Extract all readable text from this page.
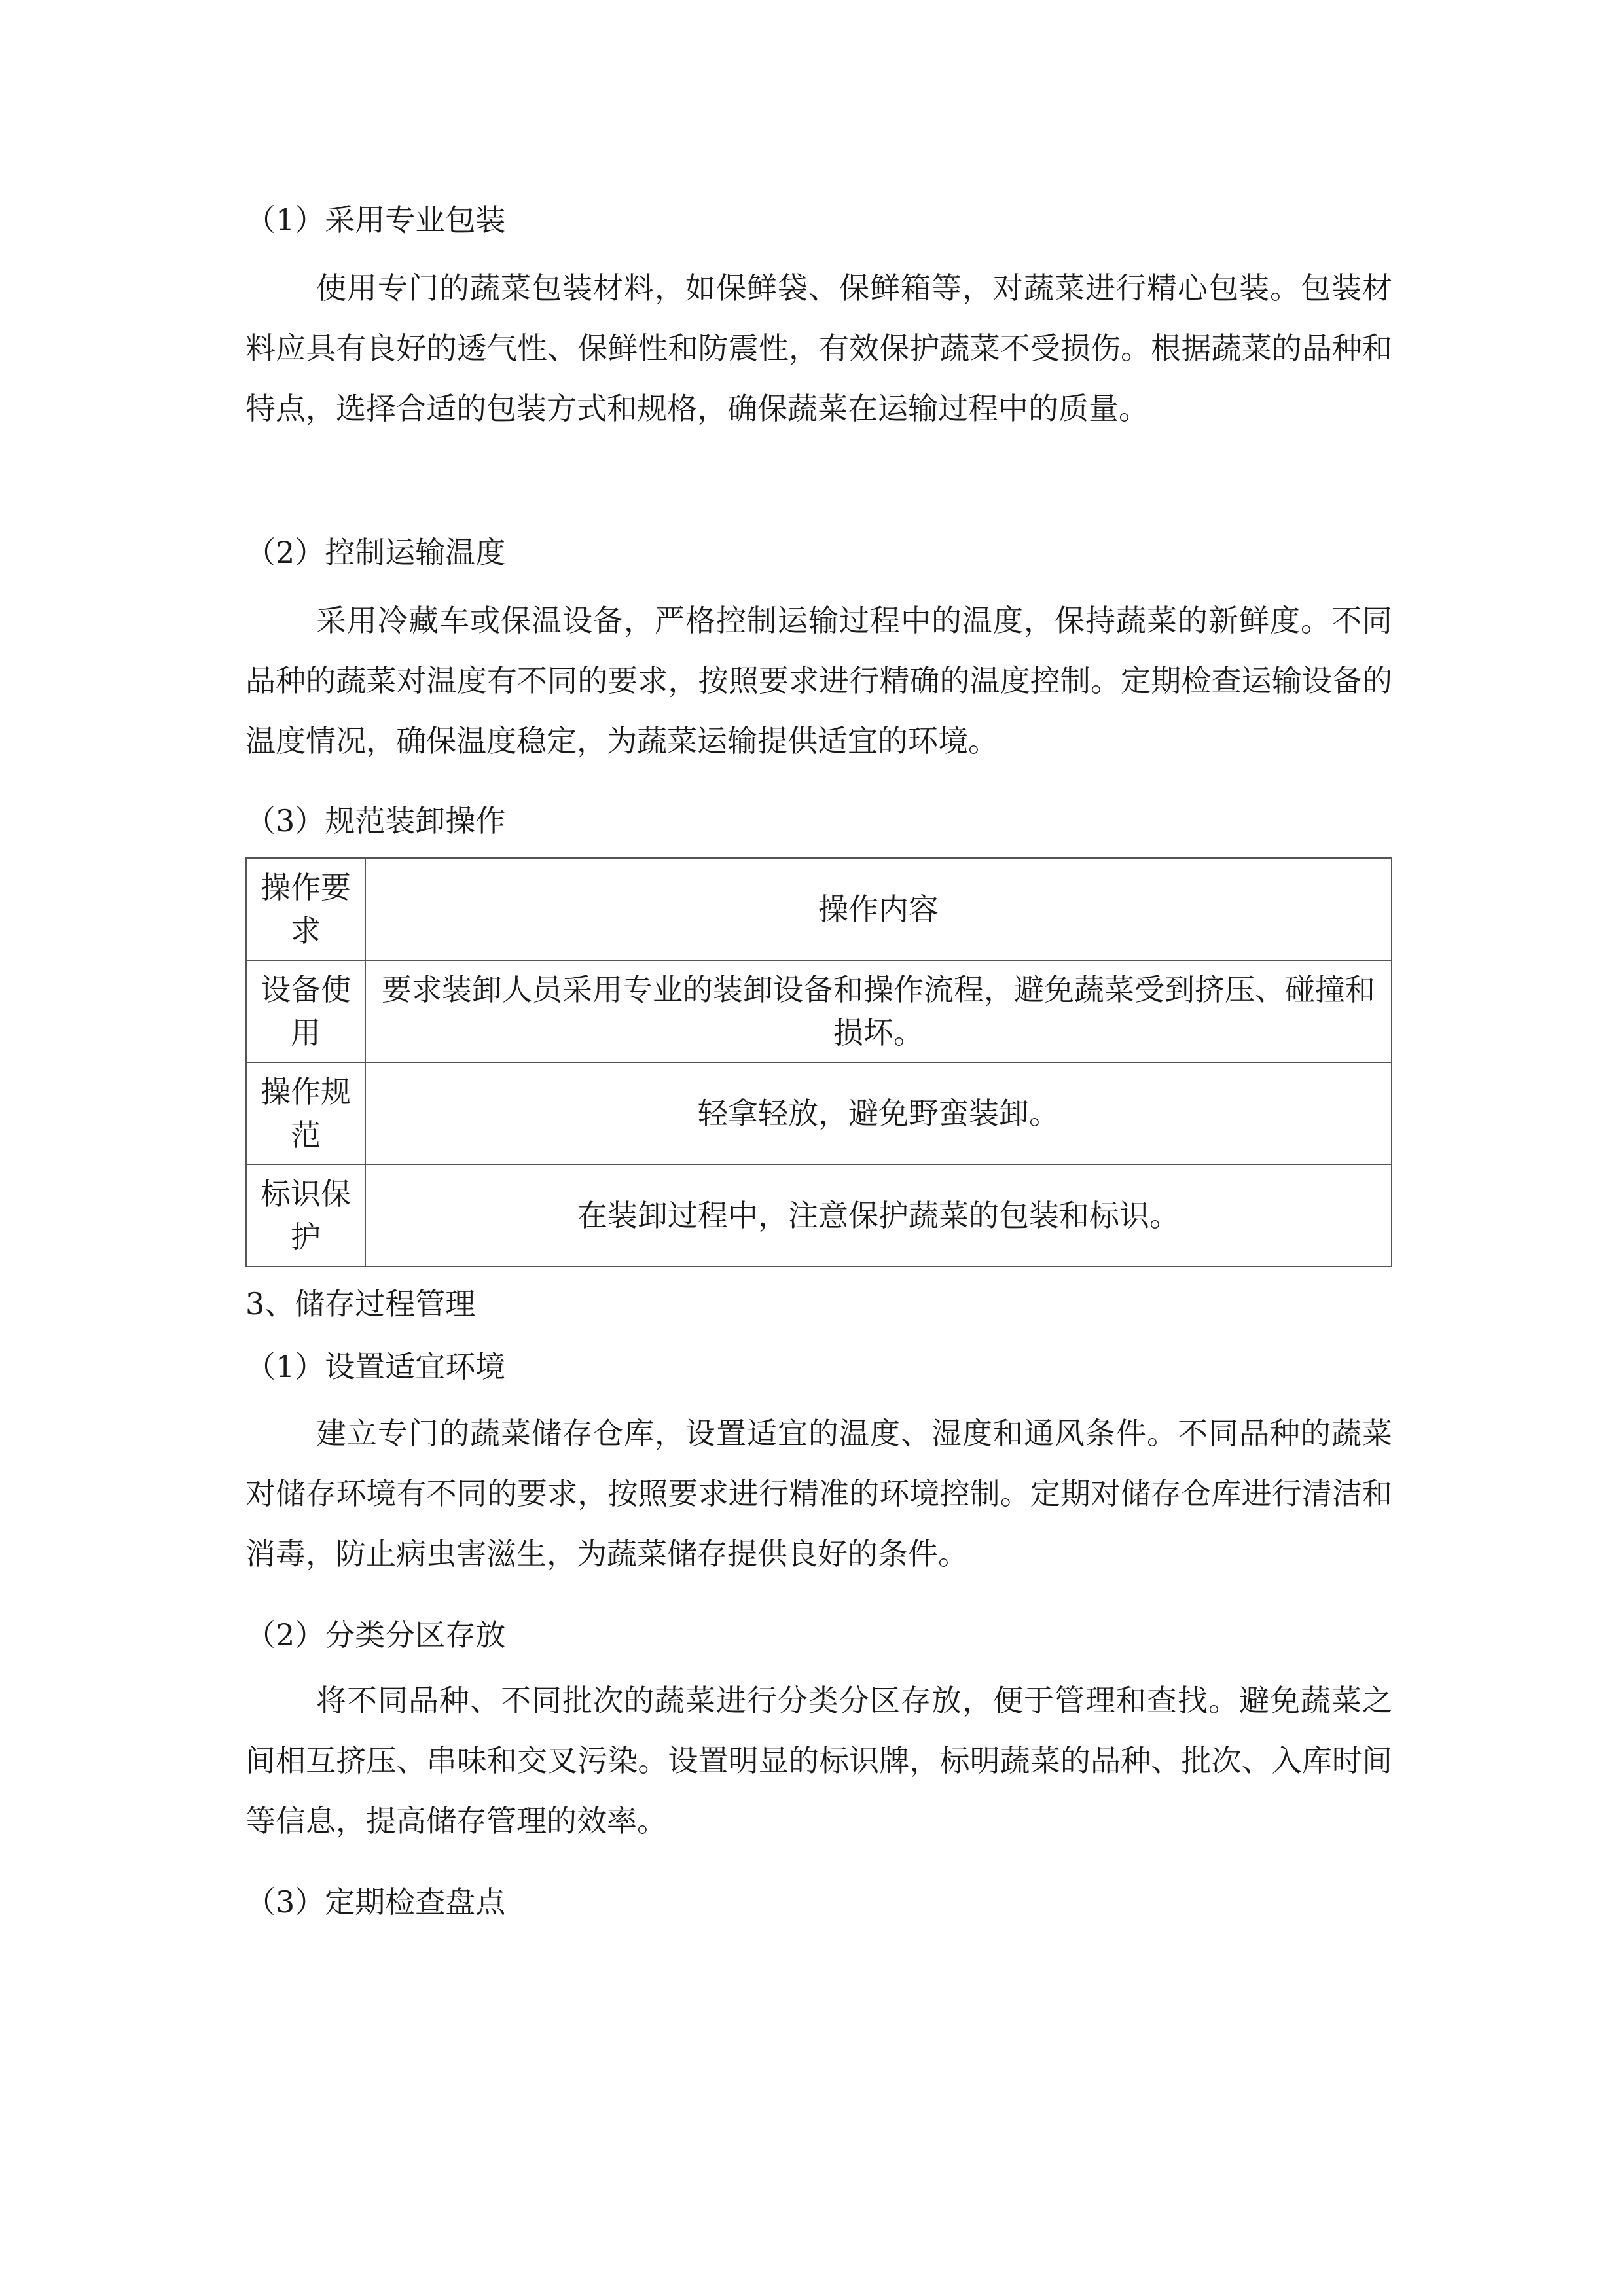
（1）采用专业包装
使用专门的蔬菜包装材料，如保鲜袋、保鲜箱等，对蔬菜进行精心包装。包装材料应具有良好的透气性、保鲜性和防震性，有效保护蔬菜不受损伤。根据蔬菜的品种和特点，选择合适的包装方式和规格，确保蔬菜在运输过程中的质量。
（2）控制运输温度
采用冷藏车或保温设备，严格控制运输过程中的温度，保持蔬菜的新鲜度。不同品种的蔬菜对温度有不同的要求，按照要求进行精确的温度控制。定期检查运输设备的温度情况，确保温度稳定，为蔬菜运输提供适宜的环境。
（3）规范装卸操作
操作要求	操作内容
设备使用	要求装卸人员采用专业的装卸设备和操作流程，避免蔬菜受到挤压、碰撞和损坏。
操作规范	轻拿轻放，避免野蛮装卸。
标识保护	在装卸过程中，注意保护蔬菜的包装和标识。
3、储存过程管理
（1）设置适宜环境
建立专门的蔬菜储存仓库，设置适宜的温度、湿度和通风条件。不同品种的蔬菜对储存环境有不同的要求，按照要求进行精准的环境控制。定期对储存仓库进行清洁和消毒，防止病虫害滋生，为蔬菜储存提供良好的条件。
（2）分类分区存放
将不同品种、不同批次的蔬菜进行分类分区存放，便于管理和查找。避免蔬菜之间相互挤压、串味和交叉污染。设置明显的标识牌，标明蔬菜的品种、批次、入库时间等信息，提高储存管理的效率。
（3）定期检查盘点
